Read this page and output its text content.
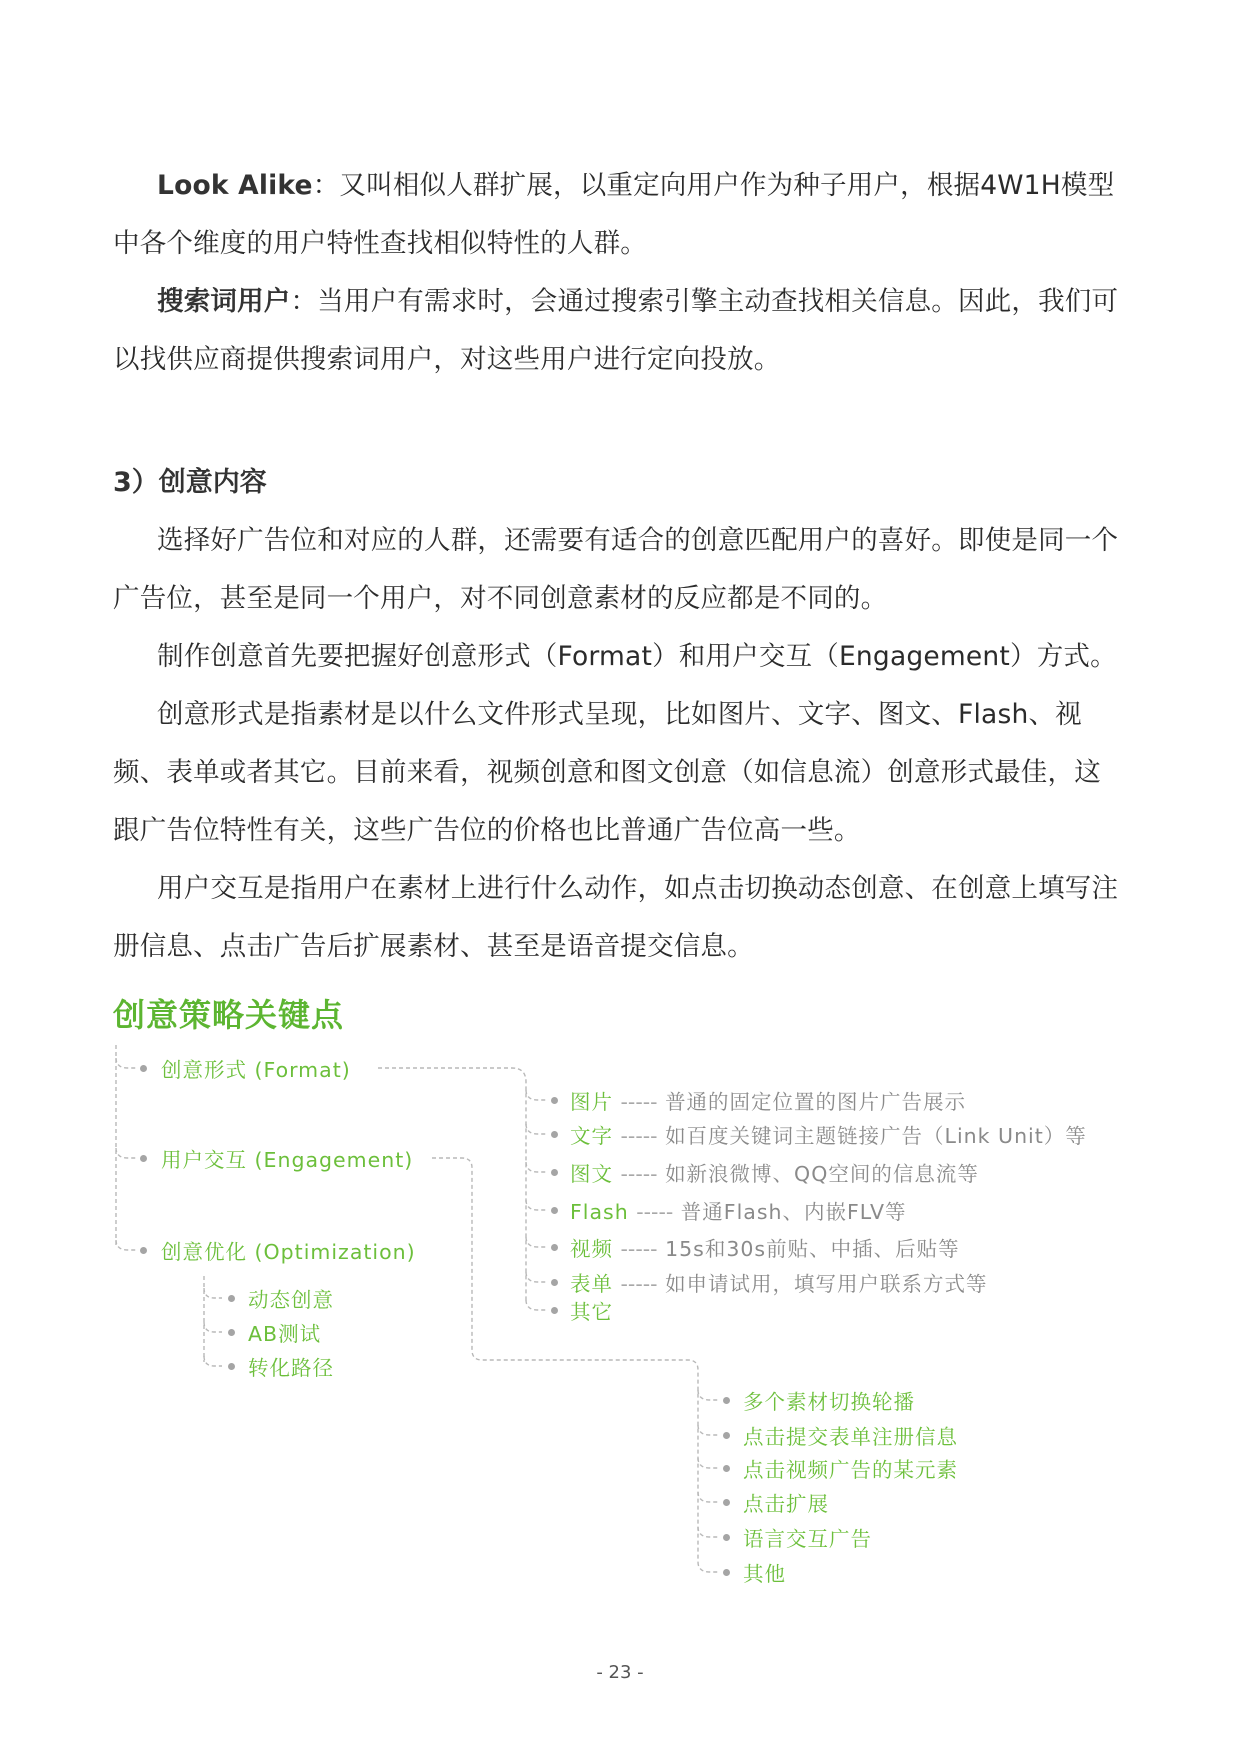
Look Alike：又叫相似人群扩展，以重定向用户作为种子用户，根据4W1H模型中各个维度的用户特性查找相似特性的人群。

搜索词用户：当用户有需求时，会通过搜索引擎主动查找相关信息。因此，我们可以找供应商提供搜索词用户，对这些用户进行定向投放。

3）创意内容

选择好广告位和对应的人群，还需要有适合的创意匹配用户的喜好。即使是同一个广告位，甚至是同一个用户，对不同创意素材的反应都是不同的。

制作创意首先要把握好创意形式（Format）和用户交互（Engagement）方式。

创意形式是指素材是以什么文件形式呈现，比如图片、文字、图文、Flash、视频、表单或者其它。目前来看，视频创意和图文创意（如信息流）创意形式最佳，这跟广告位特性有关，这些广告位的价格也比普通广告位高一些。

用户交互是指用户在素材上进行什么动作，如点击切换动态创意、在创意上填写注册信息、点击广告后扩展素材、甚至是语音提交信息。

创意策略关键点
创意形式 (Format)
用户交互 (Engagement)
创意优化 (Optimization)
动态创意
AB测试
转化路径
图片 ----- 普通的固定位置的图片广告展示
文字 ----- 如百度关键词主题链接广告（Link Unit）等
图文 ----- 如新浪微博、QQ空间的信息流等
Flash ----- 普通Flash、内嵌FLV等
视频 ----- 15s和30s前贴、中插、后贴等
表单 ----- 如申请试用，填写用户联系方式等
其它
多个素材切换轮播
点击提交表单注册信息
点击视频广告的某元素
点击扩展
语言交互广告
其他
- 23 -
